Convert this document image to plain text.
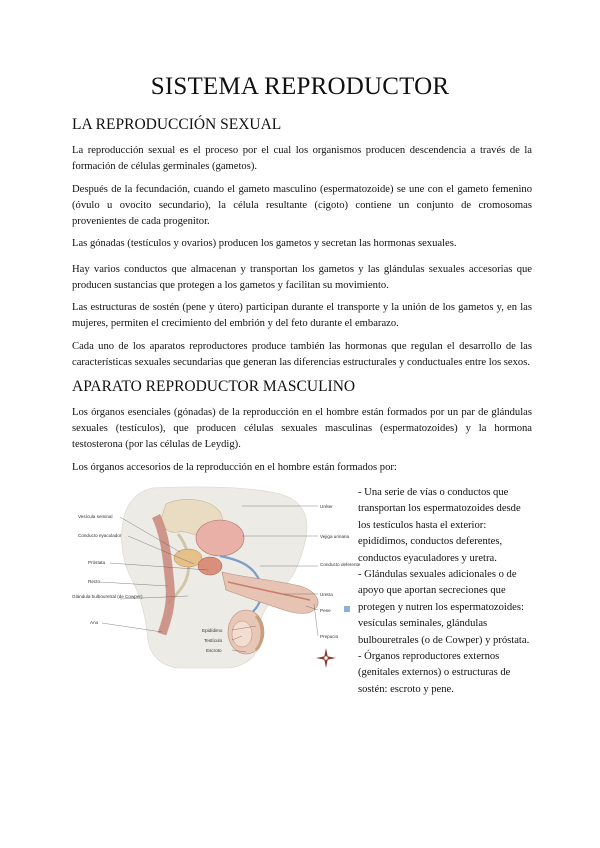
SISTEMA REPRODUCTOR
LA REPRODUCCIÓN SEXUAL
La reproducción sexual es el proceso por el cual los organismos producen descendencia a través de la formación de células germinales (gametos).
Después de la fecundación, cuando el gameto masculino (espermatozoide) se une con el gameto femenino (óvulo u ovocito secundario), la célula resultante (cigoto) contiene un conjunto de cromosomas provenientes de cada progenitor.
Las gónadas (testículos y ovarios) producen los gametos y secretan las hormonas sexuales.
Hay varios conductos que almacenan y transportan los gametos y las glándulas sexuales accesorias que producen sustancias que protegen a los gametos y facilitan su movimiento.
Las estructuras de sostén (pene y útero) participan durante el transporte y la unión de los gametos y, en las mujeres, permiten el crecimiento del embrión y del feto durante el embarazo.
Cada uno de los aparatos reproductores produce también las hormonas que regulan el desarrollo de las características sexuales secundarias que generan las diferencias estructurales y conductuales entre los sexos.
APARATO REPRODUCTOR MASCULINO
Los órganos esenciales (gónadas) de la reproducción en el hombre están formados por un par de glándulas sexuales (testículos), que producen células sexuales masculinas (espermatozoides) y la hormona testosterona (por las células de Leydig).
Los órganos accesorios de la reproducción en el hombre están formados por:
Vesícula seminal
Conducto eyaculador
Próstata
Recto
Glándula bulbouretral (de Cowper)
Ano
Uréter
Vejiga urinaria
Conducto deferente
Uretra
Pene
Prepucio
Epidídimo
Testículo
Escroto

- Una serie de vías o conductos que transportan los espermatozoides desde los testículos hasta el exterior: epidídimos, conductos deferentes, conductos eyaculadores y uretra.

- Glándulas sexuales adicionales o de apoyo que aportan secreciones que protegen y nutren los espermatozoides: vesículas seminales, glándulas bulbouretrales (o de Cowper) y próstata.

- Órganos reproductores externos (genitales externos) o estructuras de sostén: escroto y pene.
